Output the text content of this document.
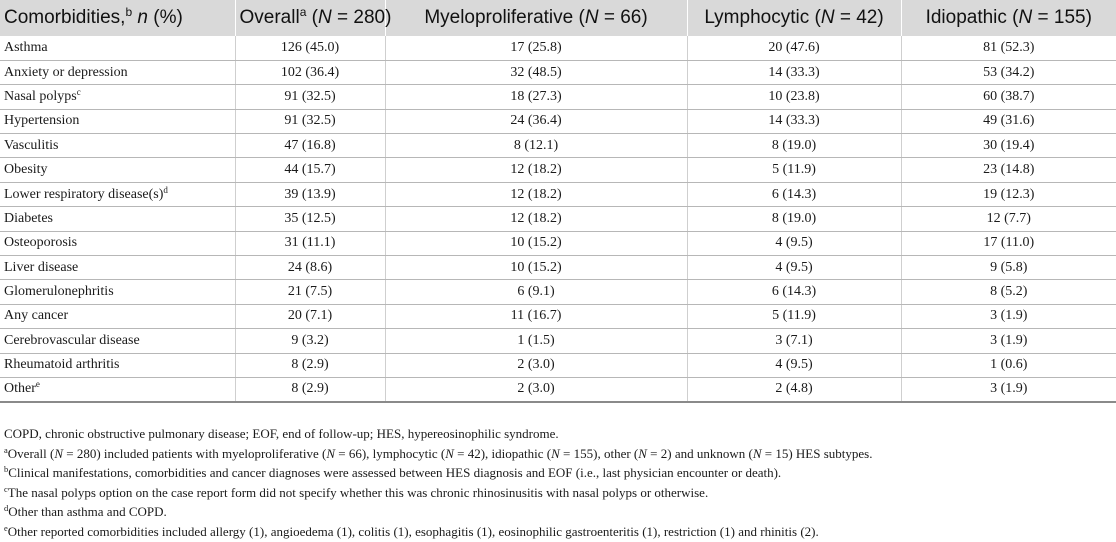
Comorbidities,$^b$ n (%)	Overall$^a$ (N = 280)	Myeloproliferative (N = 66)	Lymphocytic (N = 42)	Idiopathic (N = 155)
Asthma	126 (45.0)	17 (25.8)	20 (47.6)	81 (52.3)
Anxiety or depression	102 (36.4)	32 (48.5)	14 (33.3)	53 (34.2)
Nasal polyps$^c$	91 (32.5)	18 (27.3)	10 (23.8)	60 (38.7)
Hypertension	91 (32.5)	24 (36.4)	14 (33.3)	49 (31.6)
Vasculitis	47 (16.8)	8 (12.1)	8 (19.0)	30 (19.4)
Obesity	44 (15.7)	12 (18.2)	5 (11.9)	23 (14.8)
Lower respiratory $disease(s)^d$	39 (13.9)	12 (18.2)	6 (14.3)	19 (12.3)
Diabetes	35 (12.5)	12 (18.2)	8 (19.0)	12 (7.7)
Osteoporosis	31 (11.1)	10 (15.2)	4 (9.5)	17 (11.0)
Liver disease	24 (8.6)	10 (15.2)	4 (9.5)	9 (5.8)
Glomerulonephritis	21 (7.5)	6 (9.1)	6 (14.3)	8 (5.2)
Any cancer	20 (7.1)	11 (16.7)	5 (11.9)	3 (1.9)
Cerebrovascular disease	9 (3.2)	1 (1.5)	3 (7.1)	3 (1.9)
Rheumatoid arthritis	8 (2.9)	2 (3.0)	4 (9.5)	1 (0.6)
Other$^e$	8 (2.9)	2 (3.0)	2 (4.8)	3 (1.9)

COPD, chronic obstructive pulmonary disease; EOF, end of follow-up; HES, hypereosinophilic syndrome.

$^a$Overall (N = 280) included patients with myeloproliferative (N = 66), lymphocytic (N = 42), idiopathic (N = 155), other (N = 2) and unknown (N = 15) HES subtypes.

$^b$Clinical manifestations, comorbidities and cancer diagnoses were assessed between HES diagnosis and EOF (i.e., last physician encounter or death).

$^c$The nasal polyps option on the case report form did not specify whether this was chronic rhinosinusitis with nasal polyps or otherwise.

$^d$Other than asthma and COPD.

$^e$Other reported comorbidities included allergy (1), angioedema (1), colitis (1), esophagitis (1), eosinophilic gastroenteritis (1), restriction (1) and rhinitis (2).
